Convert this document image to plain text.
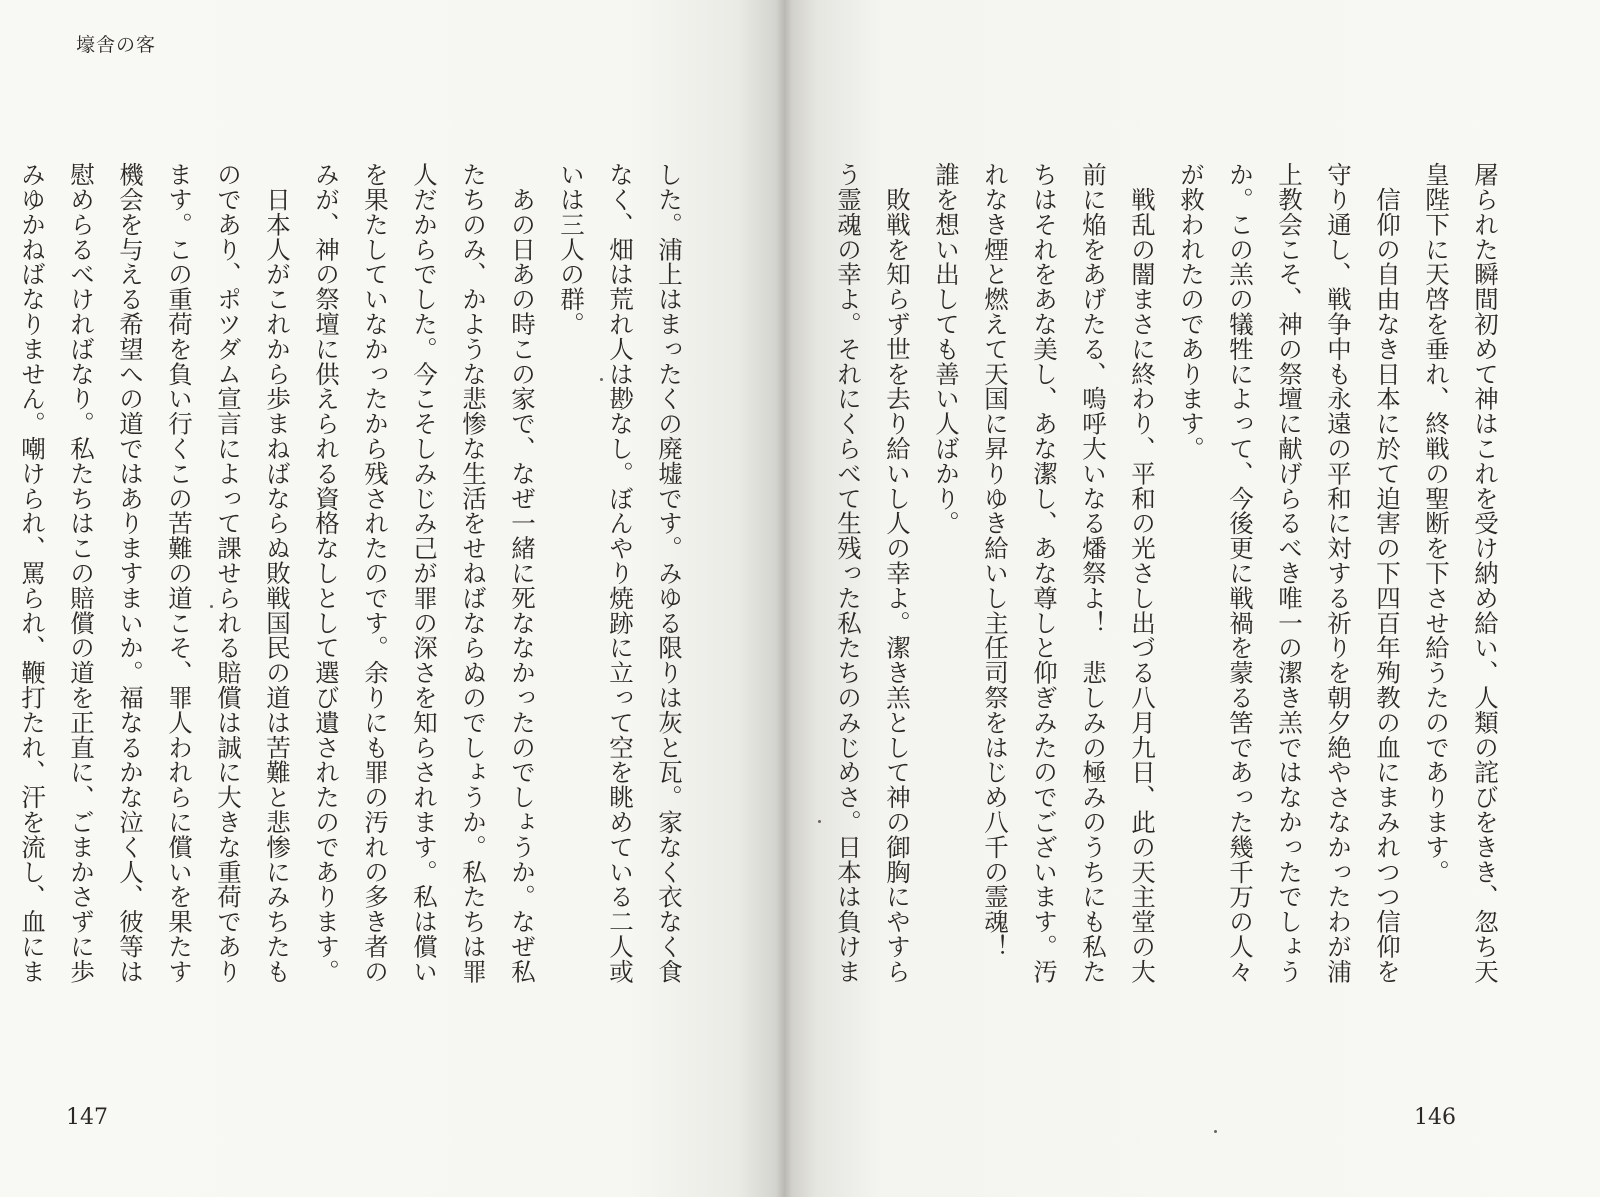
壕舎の客
した。浦上はまったくの廃墟です。みゆる限りは灰と瓦。家なく衣なく食
なく、畑は荒れ人は尠なし。ぼんやり焼跡に立って空を眺めている二人或
いは三人の群。
　あの日あの時この家で、なぜ一緒に死ななかったのでしょうか。なぜ私
たちのみ、かような悲惨な生活をせねばならぬのでしょうか。私たちは罪
人だからでした。今こそしみじみ己が罪の深さを知らされます。私は償い
を果たしていなかったから残されたのです。余りにも罪の汚れの多き者の
みが、神の祭壇に供えられる資格なしとして選び遺されたのであります。
　日本人がこれから歩まねばならぬ敗戦国民の道は苦難と悲惨にみちたも
のであり、ポツダム宣言によって課せられる賠償は誠に大きな重荷であり
ます。この重荷を負い行くこの苦難の道こそ、罪人われらに償いを果たす
機会を与える希望への道ではありますまいか。福なるかな泣く人、彼等は
慰めらるべければなり。私たちはこの賠償の道を正直に、ごまかさずに歩
みゆかねばなりません。嘲けられ、罵られ、鞭打たれ、汗を流し、血にま
147
屠られた瞬間初めて神はこれを受け納め給い、人類の詫びをきき、忽ち天
皇陛下に天啓を垂れ、終戦の聖断を下させ給うたのであります。
　信仰の自由なき日本に於て迫害の下四百年殉教の血にまみれつつ信仰を
守り通し、戦争中も永遠の平和に対する祈りを朝夕絶やさなかったわが浦
上教会こそ、神の祭壇に献げらるべき唯一の潔き羔ではなかったでしょう
か。この羔の犠牲によって、今後更に戦禍を蒙る筈であった幾千万の人々
が救われたのであります。
　戦乱の闇まさに終わり、平和の光さし出づる八月九日、此の天主堂の大
前に焔をあげたる、嗚呼大いなる燔祭よ！　悲しみの極みのうちにも私た
ちはそれをあな美し、あな潔し、あな尊しと仰ぎみたのでございます。汚
れなき煙と燃えて天国に昇りゆき給いし主任司祭をはじめ八千の霊魂！
誰を想い出しても善い人ばかり。
　敗戦を知らず世を去り給いし人の幸よ。潔き羔として神の御胸にやすら
う霊魂の幸よ。それにくらべて生残った私たちのみじめさ。日本は負けま
146
